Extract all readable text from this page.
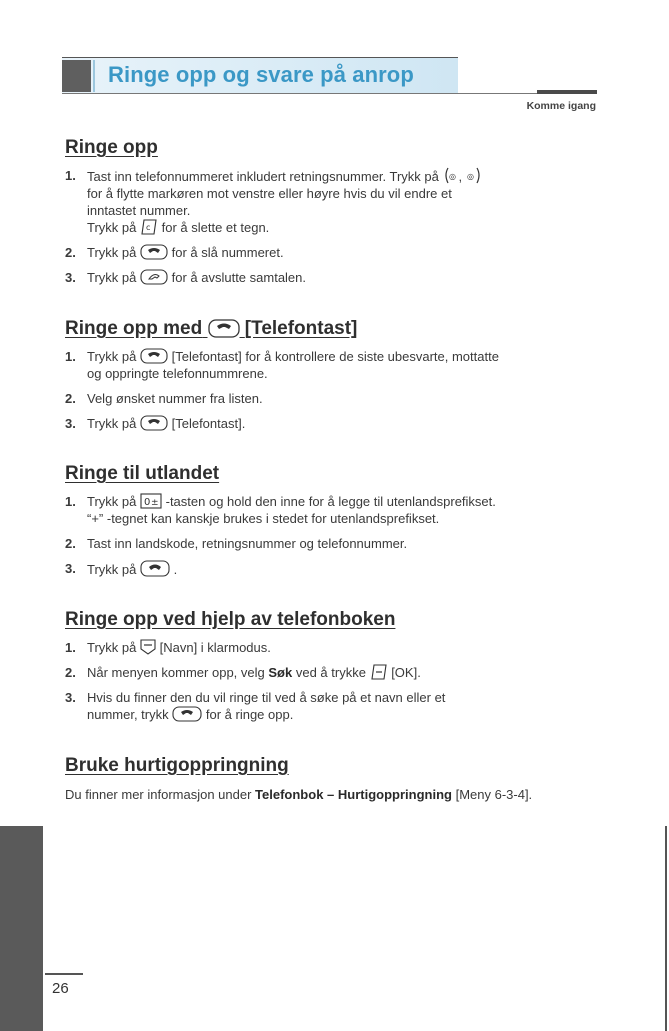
Ringe opp og svare på anrop
Komme igang
Ringe opp
1. Tast inn telefonnummeret inkludert retningsnummer. Trykk på ◎ , ◎
for å flytte markøren mot venstre eller høyre hvis du vil endre et
inntastet nummer.
Trykk på c for å slette et tegn.
2. Trykk på	for å slå nummeret.
3. Trykk på	for å avslutte samtalen.
Ringe opp med [Telefontast]
1. Trykk på	[Telefontast] for å kontrollere de siste ubesvarte, mottatte
og oppringte telefonnummrene.
2. Velg ønsket nummer fra listen.
3. Trykk på	[Telefontast].
Ringe til utlandet
1. Trykk på 0 ± -tasten og hold den inne for å legge til utenlandsprefikset.
“+” -tegnet kan kanskje brukes i stedet for utenlandsprefikset.
2. Tast inn landskode, retningsnummer og telefonnummer.
3. Trykk på	.
Ringe opp ved hjelp av telefonboken
1. Trykk på [Navn] i klarmodus.
2. Når menyen kommer opp, velg Søk ved å trykke [OK].
3. Hvis du finner den du vil ringe til ved å søke på et navn eller et
nummer, trykk	for å ringe opp.
Bruke hurtigoppringning

Du finner mer informasjon under Telefonbok – Hurtigoppringning [Meny 6-3-4].

26
